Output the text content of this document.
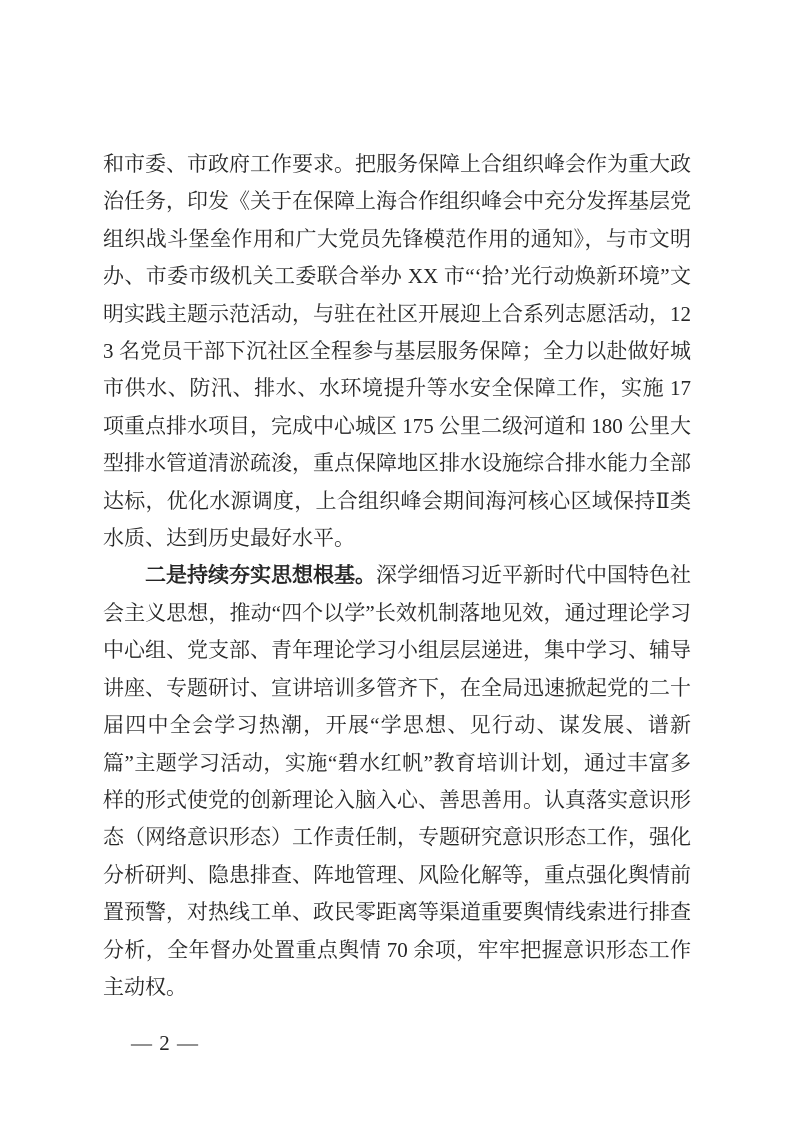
和市委、市政府工作要求。把服务保障上合组织峰会作为重大政治任务，印发《关于在保障上海合作组织峰会中充分发挥基层党组织战斗堡垒作用和广大党员先锋模范作用的通知》，与市文明办、市委市级机关工委联合举办 XX 市“‘拾’光行动焕新环境”文明实践主题示范活动，与驻在社区开展迎上合系列志愿活动，123 名党员干部下沉社区全程参与基层服务保障；全力以赴做好城市供水、防汛、排水、水环境提升等水安全保障工作，实施 17 项重点排水项目，完成中心城区 175 公里二级河道和 180 公里大型排水管道清淤疏浚，重点保障地区排水设施综合排水能力全部达标，优化水源调度，上合组织峰会期间海河核心区域保持Ⅱ类水质、达到历史最好水平。

二是持续夯实思想根基。深学细悟习近平新时代中国特色社会主义思想，推动“四个以学”长效机制落地见效，通过理论学习中心组、党支部、青年理论学习小组层层递进，集中学习、辅导讲座、专题研讨、宣讲培训多管齐下，在全局迅速掀起党的二十届四中全会学习热潮，开展“学思想、见行动、谋发展、谱新篇”主题学习活动，实施“碧水红帆”教育培训计划，通过丰富多样的形式使党的创新理论入脑入心、善思善用。认真落实意识形态（网络意识形态）工作责任制，专题研究意识形态工作，强化分析研判、隐患排查、阵地管理、风险化解等，重点强化舆情前置预警，对热线工单、政民零距离等渠道重要舆情线索进行排查分析，全年督办处置重点舆情 70 余项，牢牢把握意识形态工作主动权。

— 2 —
